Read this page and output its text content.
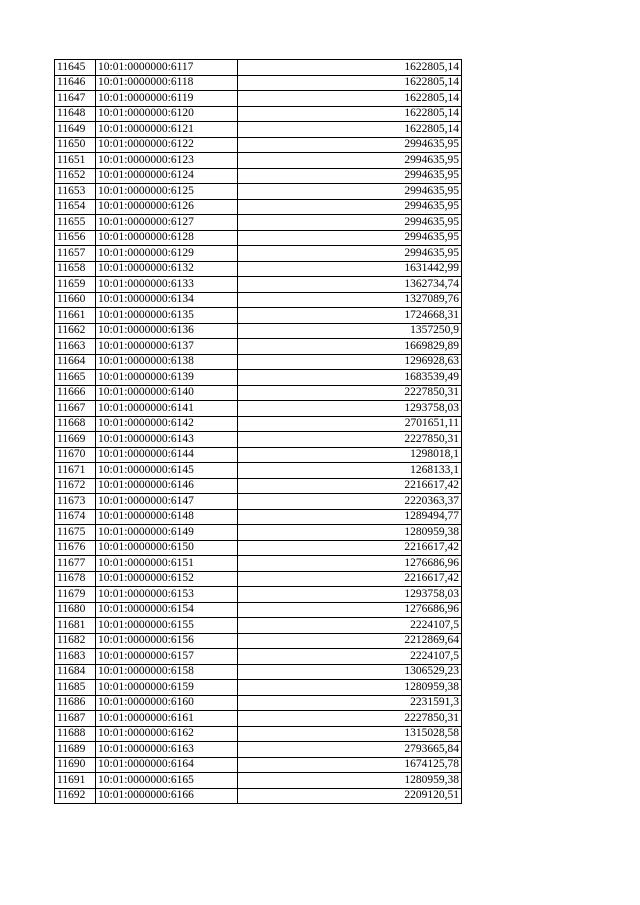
11645	10:01:0000000:6117	1622805,14
11646	10:01:0000000:6118	1622805,14
11647	10:01:0000000:6119	1622805,14
11648	10:01:0000000:6120	1622805,14
11649	10:01:0000000:6121	1622805,14
11650	10:01:0000000:6122	2994635,95
11651	10:01:0000000:6123	2994635,95
11652	10:01:0000000:6124	2994635,95
11653	10:01:0000000:6125	2994635,95
11654	10:01:0000000:6126	2994635,95
11655	10:01:0000000:6127	2994635,95
11656	10:01:0000000:6128	2994635,95
11657	10:01:0000000:6129	2994635,95
11658	10:01:0000000:6132	1631442,99
11659	10:01:0000000:6133	1362734,74
11660	10:01:0000000:6134	1327089,76
11661	10:01:0000000:6135	1724668,31
11662	10:01:0000000:6136	1357250,9
11663	10:01:0000000:6137	1669829,89
11664	10:01:0000000:6138	1296928,63
11665	10:01:0000000:6139	1683539,49
11666	10:01:0000000:6140	2227850,31
11667	10:01:0000000:6141	1293758,03
11668	10:01:0000000:6142	2701651,11
11669	10:01:0000000:6143	2227850,31
11670	10:01:0000000:6144	1298018,1
11671	10:01:0000000:6145	1268133,1
11672	10:01:0000000:6146	2216617,42
11673	10:01:0000000:6147	2220363,37
11674	10:01:0000000:6148	1289494,77
11675	10:01:0000000:6149	1280959,38
11676	10:01:0000000:6150	2216617,42
11677	10:01:0000000:6151	1276686,96
11678	10:01:0000000:6152	2216617,42
11679	10:01:0000000:6153	1293758,03
11680	10:01:0000000:6154	1276686,96
11681	10:01:0000000:6155	2224107,5
11682	10:01:0000000:6156	2212869,64
11683	10:01:0000000:6157	2224107,5
11684	10:01:0000000:6158	1306529,23
11685	10:01:0000000:6159	1280959,38
11686	10:01:0000000:6160	2231591,3
11687	10:01:0000000:6161	2227850,31
11688	10:01:0000000:6162	1315028,58
11689	10:01:0000000:6163	2793665,84
11690	10:01:0000000:6164	1674125,78
11691	10:01:0000000:6165	1280959,38
11692	10:01:0000000:6166	2209120,51
